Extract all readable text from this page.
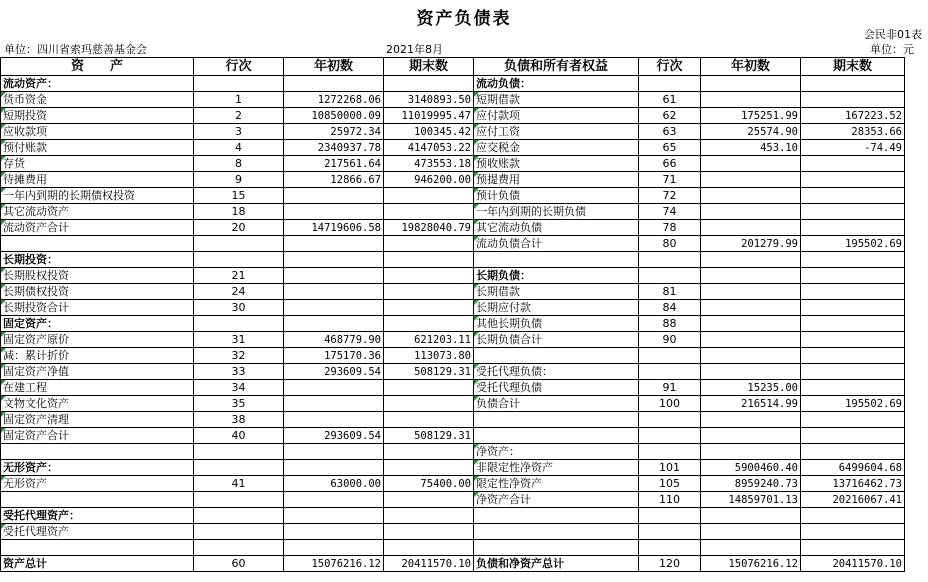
资产负债表
会民非01表
单位：四川省索玛慈善基金会	2021年8月	单位：元
资　　产	行次	年初数	期末数	负债和所有者权益	行次	年初数	期末数
流动资产：				流动负债：			
货币资金	1	1272268.06	3140893.50	短期借款	61		
短期投资	2	10850000.09	11019995.47	应付款项	62	175251.99	167223.52
应收款项	3	25972.34	100345.42	应付工资	63	25574.90	28353.66
预付账款	4	2340937.78	4147053.22	应交税金	65	453.10	-74.49
存货	8	217561.64	473553.18	预收账款	66		
待摊费用	9	12866.67	946200.00	预提费用	71		
一年内到期的长期债权投资	15			预计负债	72		
其它流动资产	18			一年内到期的长期负债	74		
流动资产合计	20	14719606.58	19828040.79	其它流动负债	78		
				流动负债合计	80	201279.99	195502.69
长期投资：							
长期股权投资	21			长期负债：			
长期债权投资	24			长期借款	81		
长期投资合计	30			长期应付款	84		
固定资产：				其他长期负债	88		
固定资产原价	31	468779.90	621203.11	长期负债合计	90		
减：累计折价	32	175170.36	113073.80				
固定资产净值	33	293609.54	508129.31	受托代理负债：			
在建工程	34			受托代理负债	91	15235.00	
文物文化资产	35			负债合计	100	216514.99	195502.69
固定资产清理	38						
固定资产合计	40	293609.54	508129.31				
				净资产：			
无形资产：				非限定性净资产	101	5900460.40	6499604.68
无形资产	41	63000.00	75400.00	限定性净资产	105	8959240.73	13716462.73
				净资产合计	110	14859701.13	20216067.41
受托代理资产：							
受托代理资产							

资产总计	60	15076216.12	20411570.10	负债和净资产总计	120	15076216.12	20411570.10
